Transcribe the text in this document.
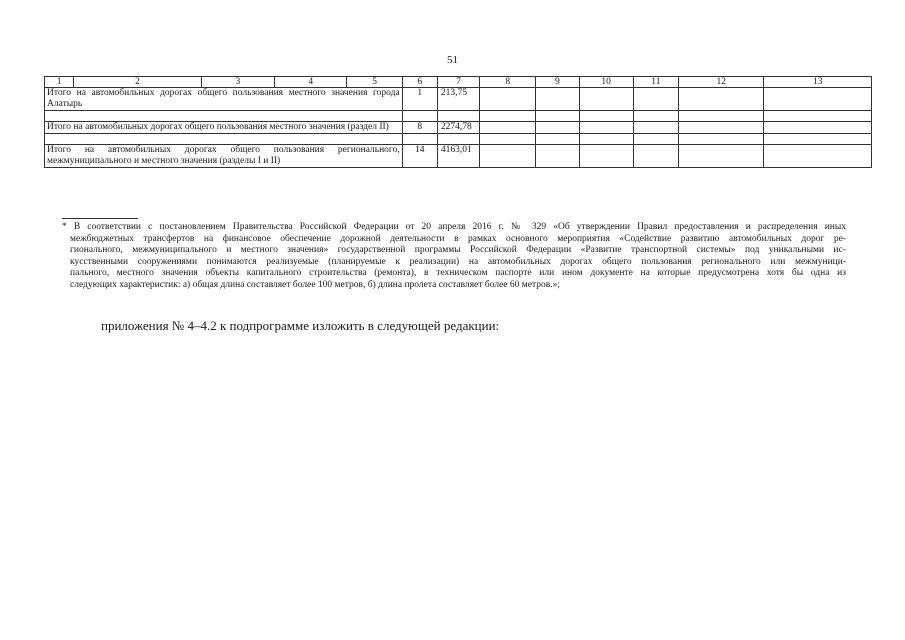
51
1	2	3	4	5	6	7	8	9	10	11	12	13
Итого на автомобильных дорогах общего пользования местного значения города Алатырь					1	213,75						

Итого на автомобильных дорогах общего пользования местного значения (раздел II)					8	2274,78						

Итого на автомобильных дорогах общего пользования регионального, межмуниципального и местного значения (разделы I и II)					14	4163,01						
* В соответствии с постановлением Правительства Российской Федерации от 20 апреля 2016 г. № 329 «Об утверждении Правил предоставления и распределения иных
межбюджетных трансфертов на финансовое обеспечение дорожной деятельности в рамках основного мероприятия «Содействие развитию автомобильных дорог ре-
гионального, межмуниципального и местного значения» государственной программы Российской Федерации «Развитие транспортной системы» под уникальными ис-
кусственными сооружениями понимаются реализуемые (планируемые к реализации) на автомобильных дорогах общего пользования регионального или межмуници-
пального, местного значения объекты капитального строительства (ремонта), в техническом паспорте или ином документе на которые предусмотрена хотя бы одна из
следующих характеристик: а) общая длина составляет более 100 метров, б) длина пролета составляет более 60 метров.»;
приложения № 4–4.2 к подпрограмме изложить в следующей редакции:
